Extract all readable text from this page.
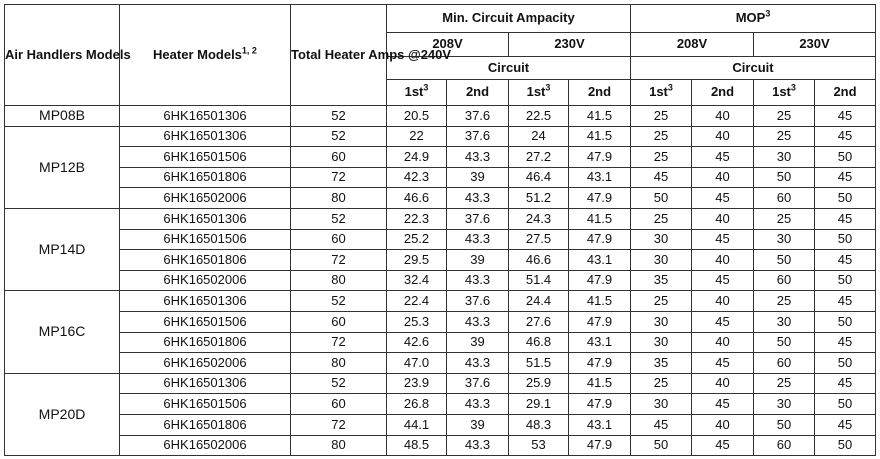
Air Handlers Models	Heater Models$^{1, 2}$	Total Heater Amps @240V	Min. Circuit Ampacity				MOP$^3$
			208V		230V		208V		230V	
			Circuit				Circuit			
			$1st^3$	2nd	$1st^3$	2nd	$1st^3$	2nd	$1st^3$	2nd
MP08B	6HK16501306	52	20.5	37.6	22.5	41.5	25	40	25	45
MP12B	6HK16501306	52	22	37.6	24	41.5	25	40	25	45
	6HK16501506	60	24.9	43.3	27.2	47.9	25	45	30	50
	6HK16501806	72	42.3	39	46.4	43.1	45	40	50	45
	6HK16502006	80	46.6	43.3	51.2	47.9	50	45	60	50
MP14D	6HK16501306	52	22.3	37.6	24.3	41.5	25	40	25	45
	6HK16501506	60	25.2	43.3	27.5	47.9	30	45	30	50
	6HK16501806	72	29.5	39	46.6	43.1	30	40	50	45
	6HK16502006	80	32.4	43.3	51.4	47.9	35	45	60	50
MP16C	6HK16501306	52	22.4	37.6	24.4	41.5	25	40	25	45
	6HK16501506	60	25.3	43.3	27.6	47.9	30	45	30	50
	6HK16501806	72	42.6	39	46.8	43.1	30	40	50	45
	6HK16502006	80	47.0	43.3	51.5	47.9	35	45	60	50
MP20D	6HK16501306	52	23.9	37.6	25.9	41.5	25	40	25	45
	6HK16501506	60	26.8	43.3	29.1	47.9	30	45	30	50
	6HK16501806	72	44.1	39	48.3	43.1	45	40	50	45
	6HK16502006	80	48.5	43.3	53	47.9	50	45	60	50
